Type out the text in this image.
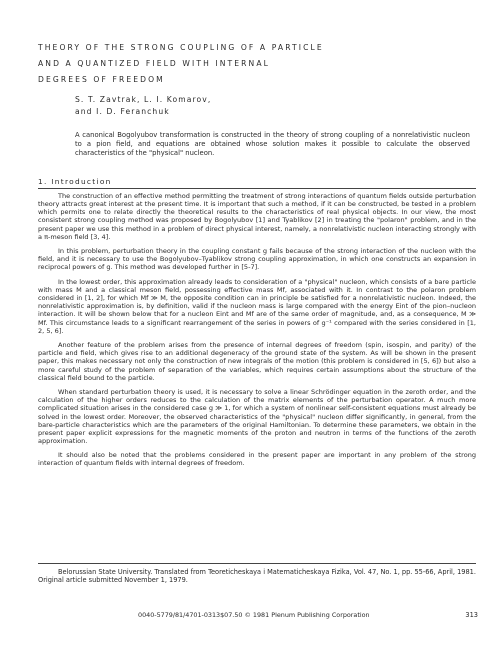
THEORY OF THE STRONG COUPLING OF A PARTICLE
AND A QUANTIZED FIELD WITH INTERNAL
DEGREES OF FREEDOM
S. T. Zavtrak, L. I. Komarov,
and I. D. Feranchuk
A canonical Bogolyubov transformation is constructed in the theory of strong coupling of a nonrelativistic nucleon to a pion field, and equations are obtained whose solution makes it possible to calculate the observed characteristics of the "physical" nucleon.
1. Introduction

The construction of an effective method permitting the treatment of strong interactions of quantum fields outside perturbation theory attracts great interest at the present time. It is important that such a method, if it can be constructed, be tested in a problem which permits one to relate directly the theoretical results to the characteristics of real physical objects. In our view, the most consistent strong coupling method was proposed by Bogolyubov [1] and Tyablikov [2] in treating the "polaron" problem, and in the present paper we use this method in a problem of direct physical interest, namely, a nonrelativistic nucleon interacting strongly with a π-meson field [3, 4].

In this problem, perturbation theory in the coupling constant g fails because of the strong interaction of the nucleon with the field, and it is necessary to use the Bogolyubov–Tyablikov strong coupling approximation, in which one constructs an expansion in reciprocal powers of g. This method was developed further in [5-7].

In the lowest order, this approximation already leads to consideration of a "physical" nucleon, which consists of a bare particle with mass M and a classical meson field, possessing effective mass Mf, associated with it. In contrast to the polaron problem considered in [1, 2], for which Mf ≫ M, the opposite condition can in principle be satisfied for a nonrelativistic nucleon. Indeed, the nonrelativistic approximation is, by definition, valid if the nucleon mass is large compared with the energy Eint of the pion–nucleon interaction. It will be shown below that for a nucleon Eint and Mf are of the same order of magnitude, and, as a consequence, M ≫ Mf. This circumstance leads to a significant rearrangement of the series in powers of g⁻¹ compared with the series considered in [1, 2, 5, 6].

Another feature of the problem arises from the presence of internal degrees of freedom (spin, isospin, and parity) of the particle and field, which gives rise to an additional degeneracy of the ground state of the system. As will be shown in the present paper, this makes necessary not only the construction of new integrals of the motion (this problem is considered in [5, 6]) but also a more careful study of the problem of separation of the variables, which requires certain assumptions about the structure of the classical field bound to the particle.

When standard perturbation theory is used, it is necessary to solve a linear Schrödinger equation in the zeroth order, and the calculation of the higher orders reduces to the calculation of the matrix elements of the perturbation operator. A much more complicated situation arises in the considered case g ≫ 1, for which a system of nonlinear self-consistent equations must already be solved in the lowest order. Moreover, the observed characteristics of the "physical" nucleon differ significantly, in general, from the bare-particle characteristics which are the parameters of the original Hamiltonian. To determine these parameters, we obtain in the present paper explicit expressions for the magnetic moments of the proton and neutron in terms of the functions of the zeroth approximation.

It should also be noted that the problems considered in the present paper are important in any problem of the strong interaction of quantum fields with internal degrees of freedom.

Belorussian State University. Translated from Teoreticheskaya i Matematicheskaya Fizika, Vol. 47, No. 1, pp. 55-66, April, 1981. Original article submitted November 1, 1979.
0040-5779/81/4701-0313$07.50 © 1981 Plenum Publishing Corporation	313
